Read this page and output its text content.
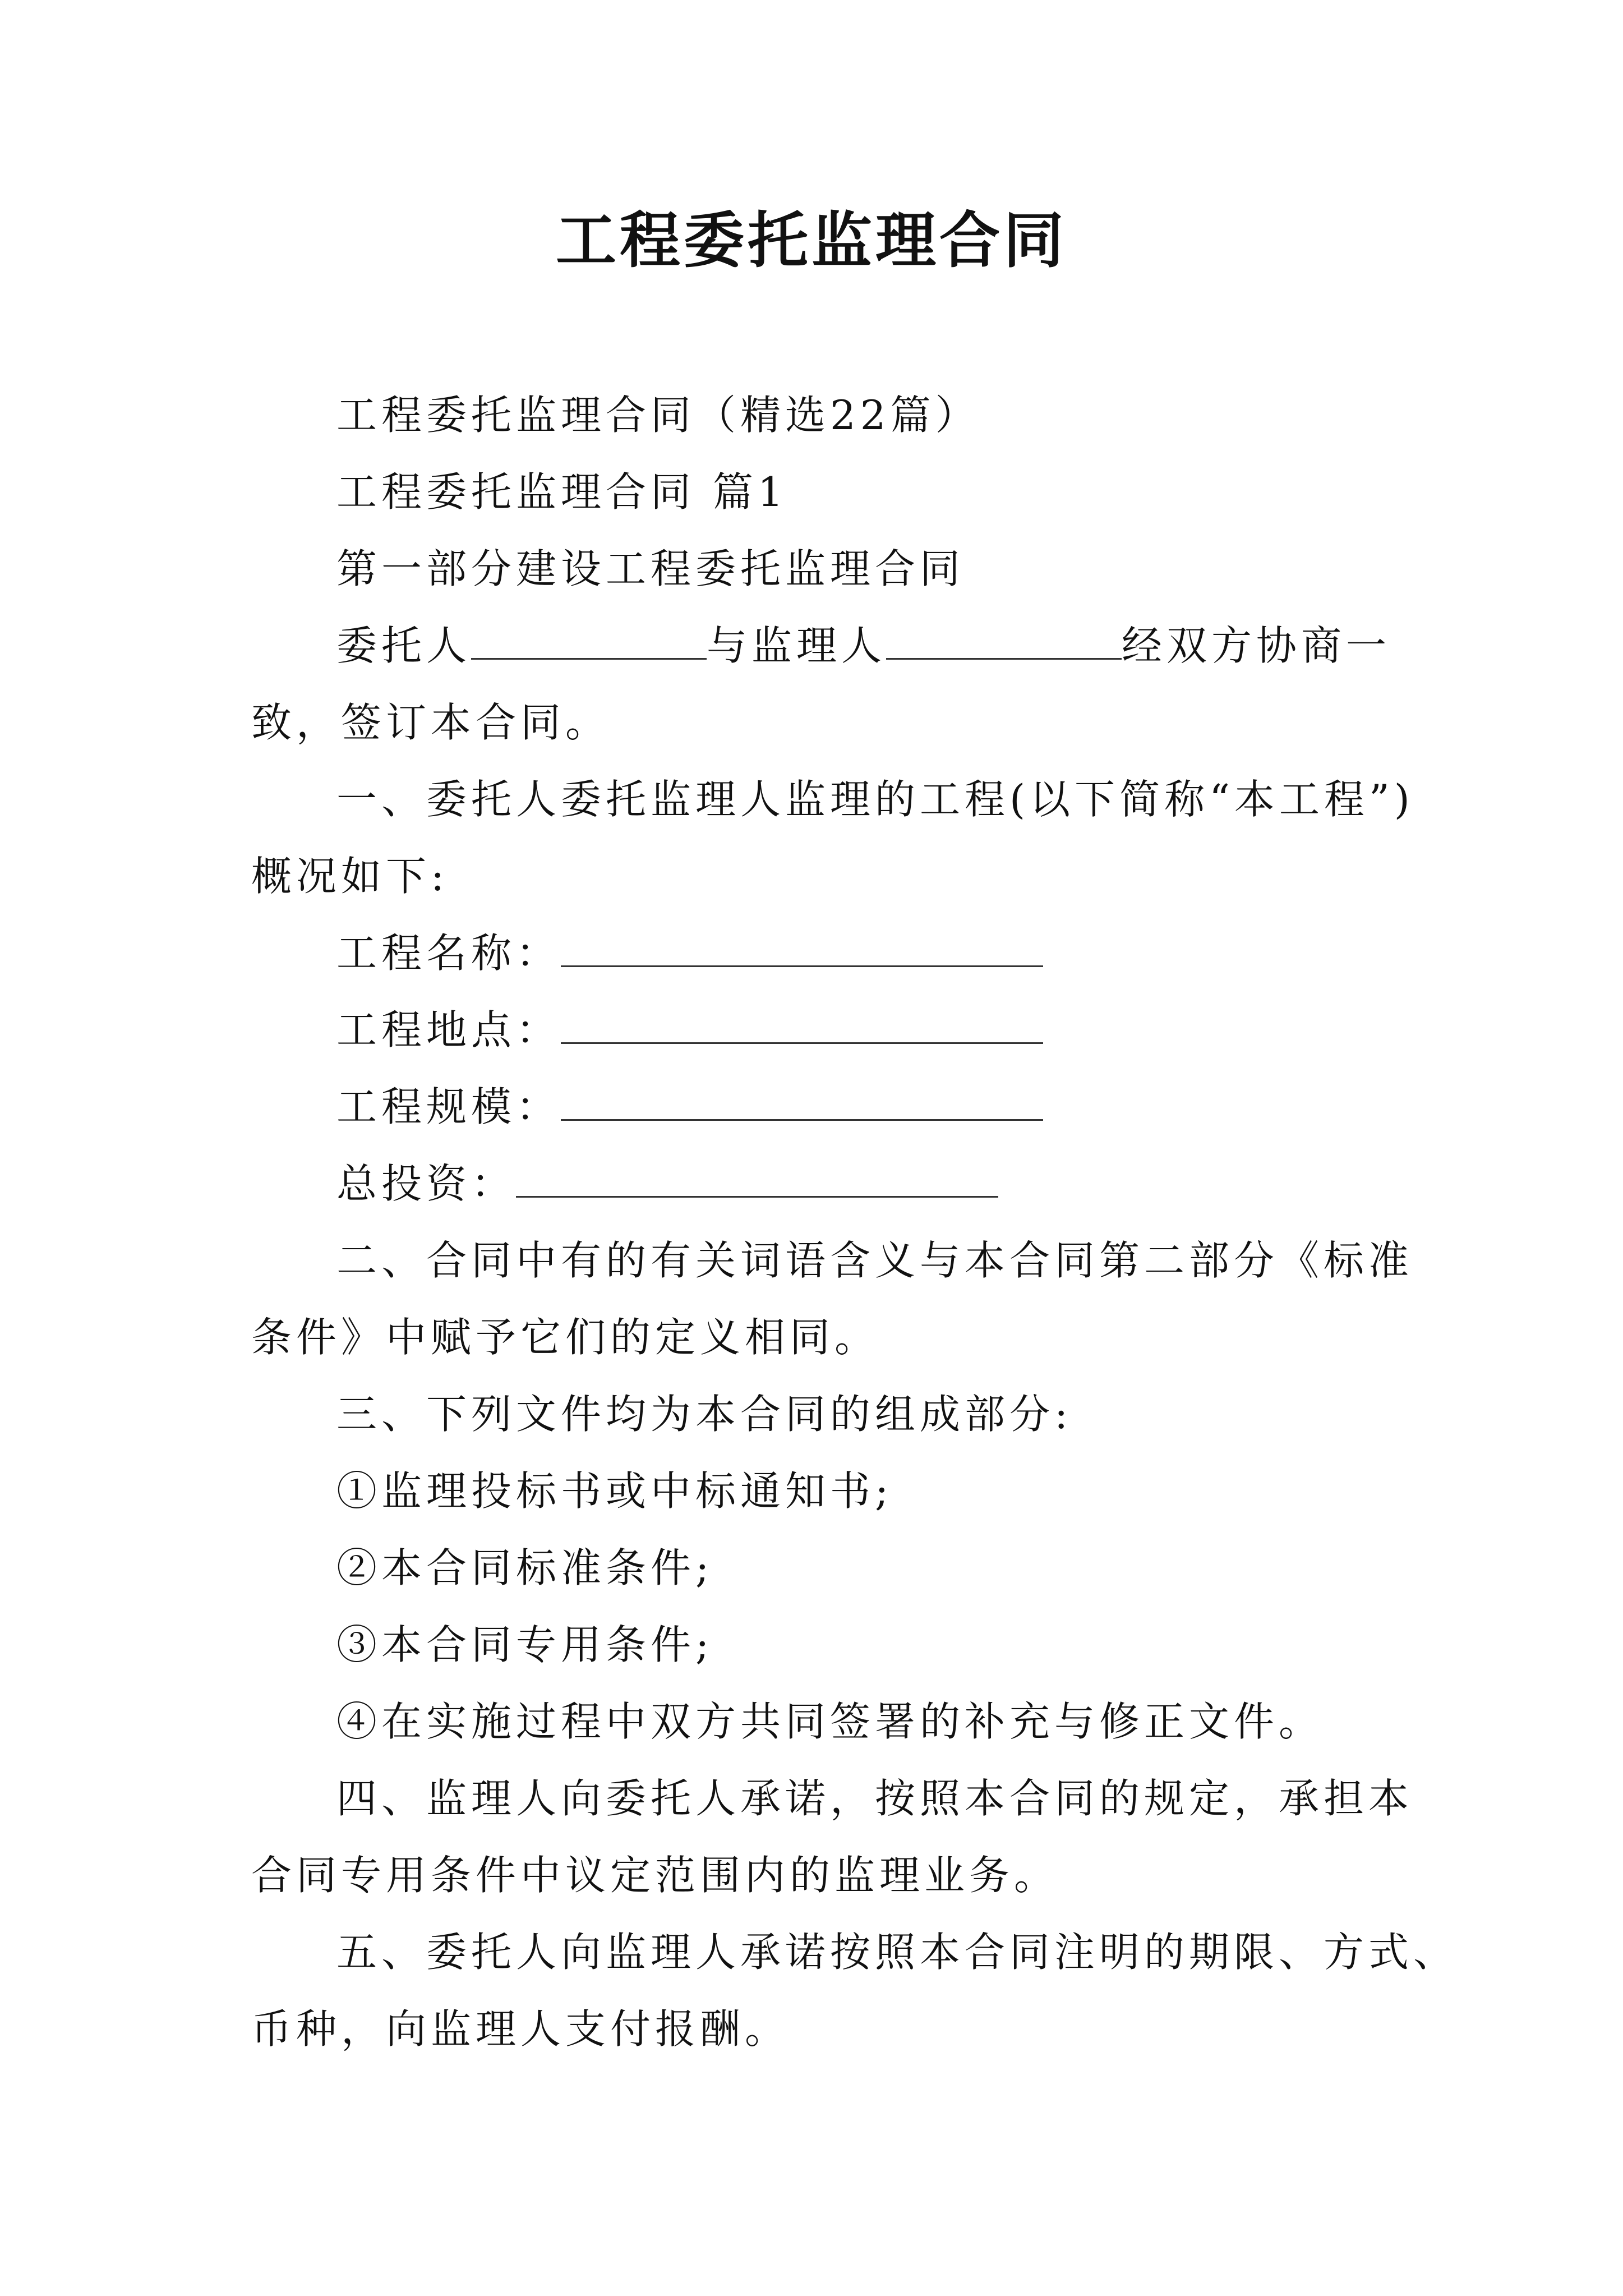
工程委托监理合同
工程委托监理合同（精选22篇）
工程委托监理合同 篇1
第一部分建设工程委托监理合同
委托人	与监理人	经双方协商一
致，签订本合同。
一、委托人委托监理人监理的工程(以下简称“本工程”)
概况如下:
工程名称：
工程地点：
工程规模：
总投资：
二、合同中有的有关词语含义与本合同第二部分《标准
条件》中赋予它们的定义相同。
三、下列文件均为本合同的组成部分:
①监理投标书或中标通知书;
②本合同标准条件;
③本合同专用条件;
④在实施过程中双方共同签署的补充与修正文件。
四、监理人向委托人承诺，按照本合同的规定，承担本
合同专用条件中议定范围内的监理业务。
五、委托人向监理人承诺按照本合同注明的期限、方式、
币种，向监理人支付报酬。
